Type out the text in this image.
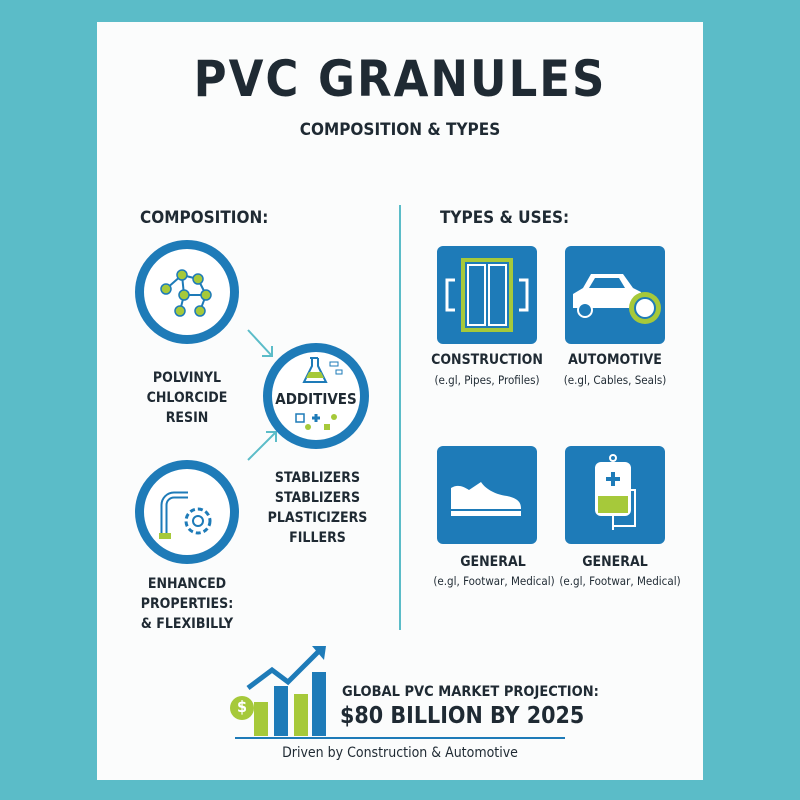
PVC GRANULES
COMPOSITION & TYPES
COMPOSITION:
POLVINYL
CHLORCIDE
RESIN
ADDITIVES
STABLIZERS
STABLIZERS
PLASTICIZERS
FILLERS
ENHANCED
PROPERTIES:
& FLEXIBILLY
TYPES & USES:
CONSTRUCTION
(e.gl, Pipes, Profiles)
AUTOMOTIVE
(e.gl, Cables, Seals)
GENERAL
(e.gl, Footwar, Medical)
GENERAL
(e.gl, Footwar, Medical)
$
GLOBAL PVC MARKET PROJECTION:
$80 BILLION BY 2025
Driven by Construction & Automotive
